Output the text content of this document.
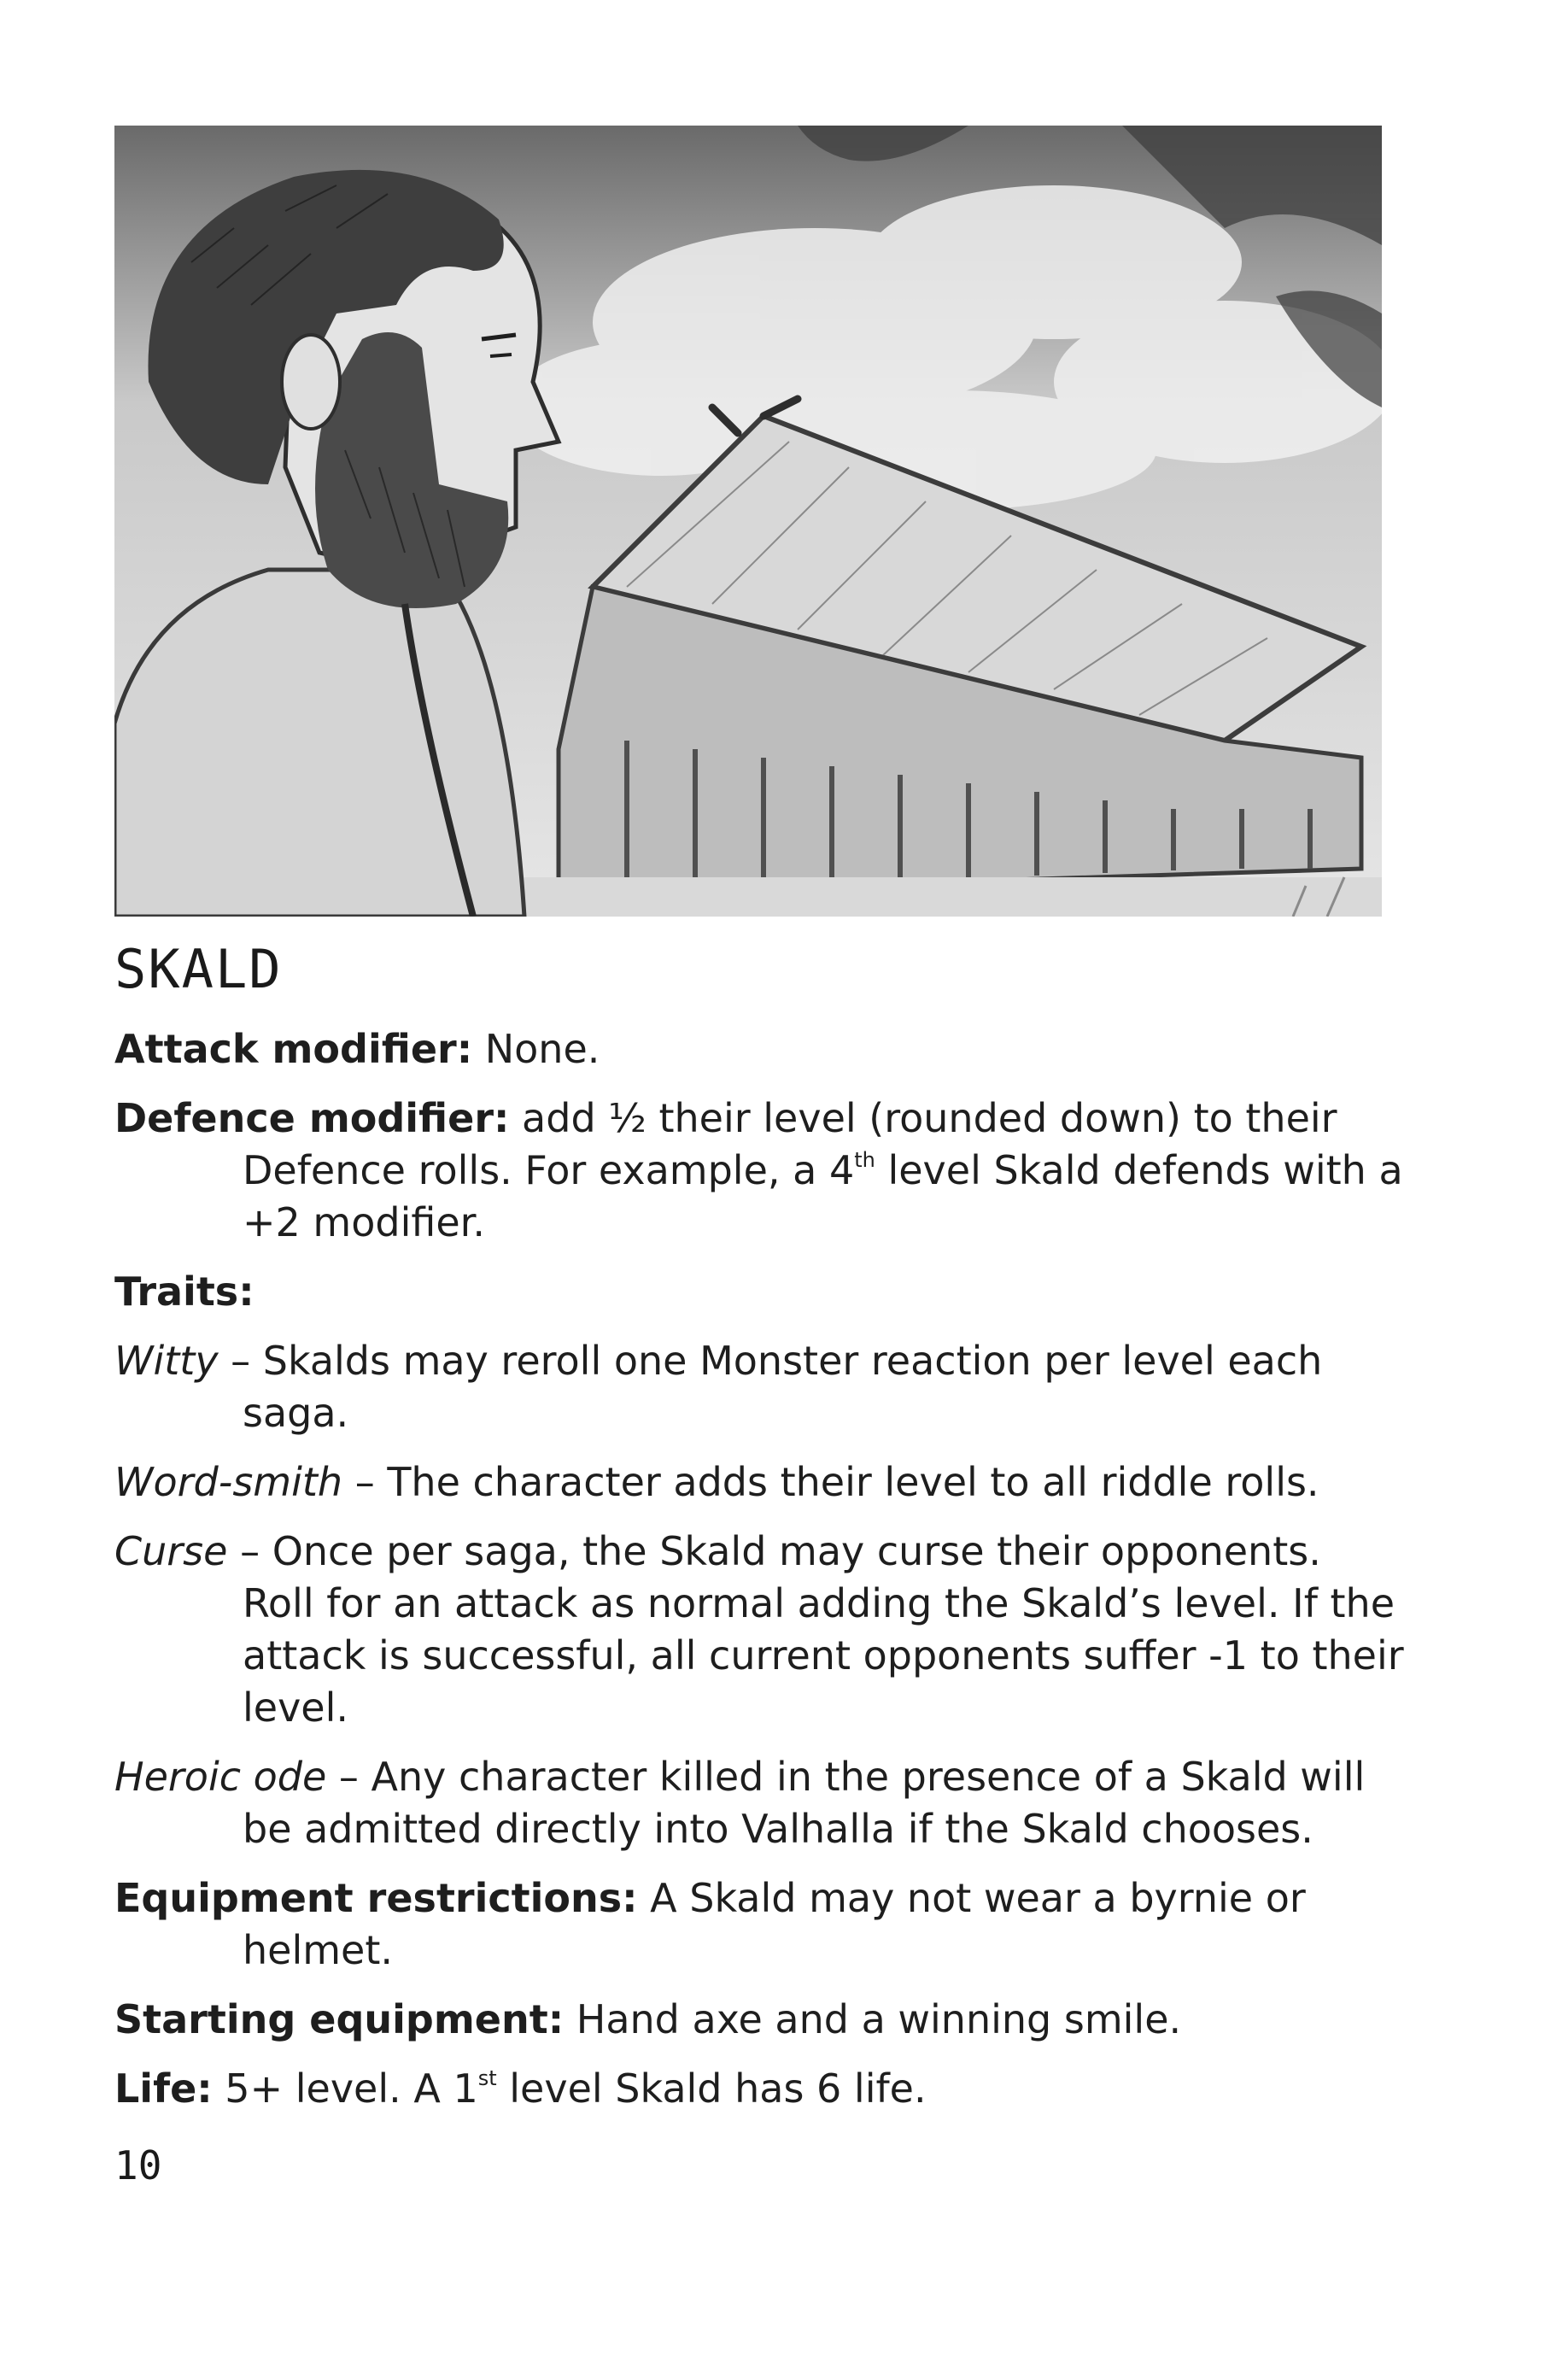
SKALD

Attack modifier: None.

Defence modifier: add ½ their level (rounded down) to their Defence rolls. For example, a 4th level Skald defends with a +2 modifier.

Traits:

Witty – Skalds may reroll one Monster reaction per level each saga.

Word-smith – The character adds their level to all riddle rolls.

Curse – Once per saga, the Skald may curse their opponents. Roll for an attack as normal adding the Skald’s level. If the attack is successful, all current opponents suffer -1 to their level.

Heroic ode – Any character killed in the presence of a Skald will be admitted directly into Valhalla if the Skald chooses.

Equipment restrictions: A Skald may not wear a byrnie or helmet.

Starting equipment: Hand axe and a winning smile.

Life: 5+ level. A 1st level Skald has 6 life.

10
